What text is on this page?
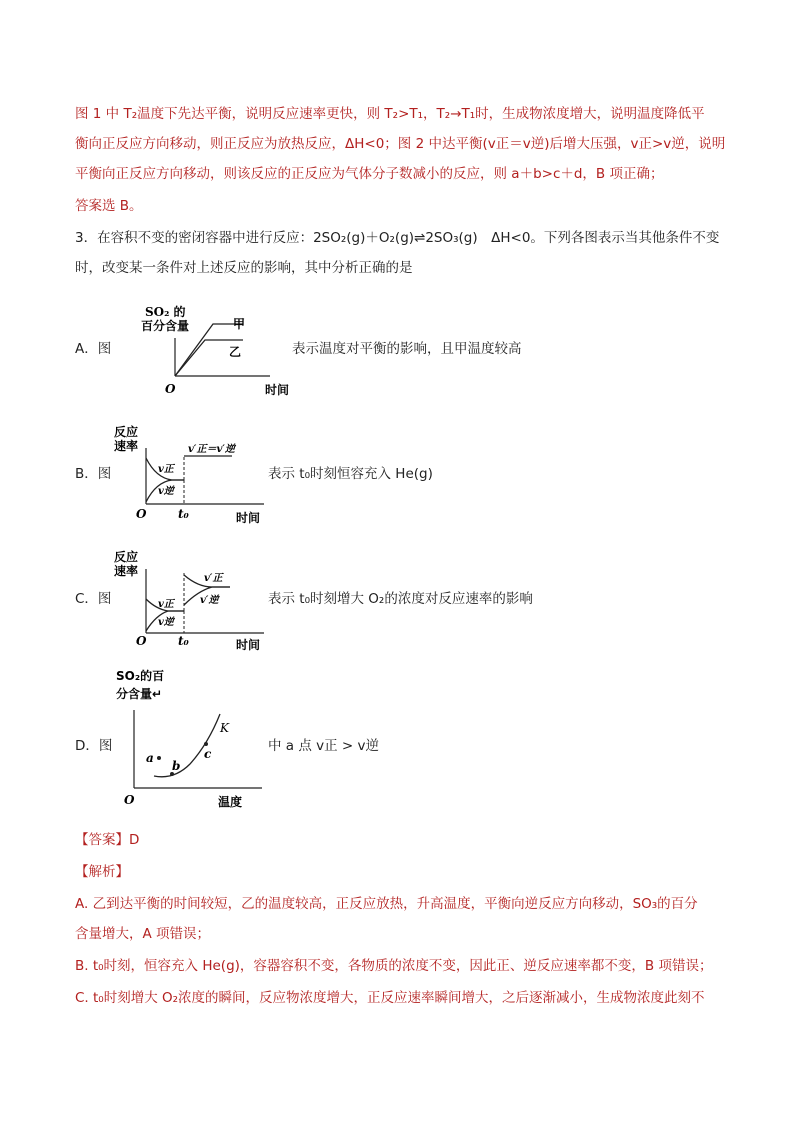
图 1 中 T₂温度下先达平衡，说明反应速率更快，则 T₂>T₁，T₂→T₁时，生成物浓度增大，说明温度降低平
衡向正反应方向移动，则正反应为放热反应，ΔH<0；图 2 中达平衡(v正＝v逆)后增大压强，v正>v逆，说明
平衡向正反应方向移动，则该反应的正反应为气体分子数减小的反应，则 a＋b>c＋d，B 项正确；
答案选 B。
3．在容积不变的密闭容器中进行反应：2SO₂(g)＋O₂(g)⇌2SO₃(g)　ΔH<0。下列各图表示当其他条件不变
时，改变某一条件对上述反应的影响，其中分析正确的是
A．图
SO₂ 的
百分含量	甲
乙
O	时间
表示温度对平衡的影响，且甲温度较高
B．图
反应
速率	v′正＝v′逆
v正
v逆
O	t₀	时间
表示 t₀时刻恒容充入 He(g)
C．图
反应
速率
v′正
v′逆
v正
v逆
O	t₀	时间
表示 t₀时刻增大 O₂的浓度对反应速率的影响
D．图
SO₂的百
分含量↵
a
b
c
K
O	温度
中 a 点 v正 > v逆
【答案】D
【解析】
A. 乙到达平衡的时间较短，乙的温度较高，正反应放热，升高温度，平衡向逆反应方向移动，SO₃的百分
含量增大，A 项错误；
B. t₀时刻，恒容充入 He(g)，容器容积不变，各物质的浓度不变，因此正、逆反应速率都不变，B 项错误；
C. t₀时刻增大 O₂浓度的瞬间，反应物浓度增大，正反应速率瞬间增大，之后逐渐减小，生成物浓度此刻不
